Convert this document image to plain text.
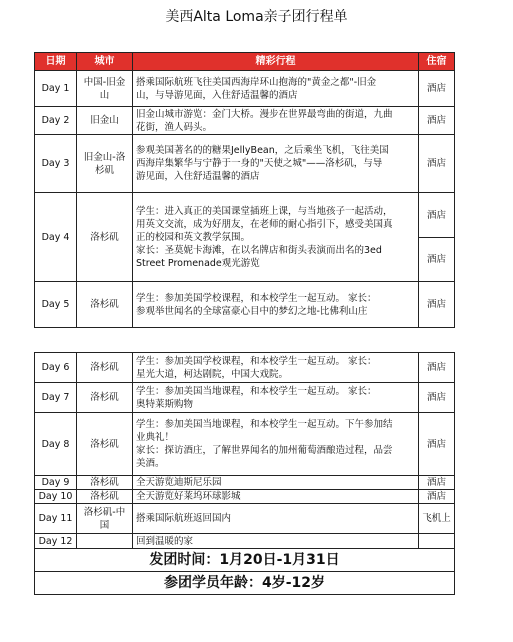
美西Alta Loma亲子团行程单
日期	城市	精彩行程	住宿
Day 1	中国-旧金山	搭乘国际航班飞往美国西海岸环山抱海的"黄金之都"-旧金
山，与导游见面，入住舒适温馨的酒店	酒店
Day 2	旧金山	旧金山城市游览：金门大桥。漫步在世界最弯曲的街道，九曲
花街，渔人码头。	酒店
Day 3	旧金山-洛杉矶	参观美国著名的的糖果JellyBean，之后乘坐飞机，飞往美国
西海岸集繁华与宁静于一身的"天使之城"——洛杉矶，与导
游见面，入住舒适温馨的酒店	酒店
Day 4	洛杉矶	学生：进入真正的美国课堂插班上课，与当地孩子一起活动，
用英文交流，成为好朋友，在老师的耐心指引下，感受美国真
正的校园和英文教学氛围。
家长：圣莫妮卡海滩，在以名牌店和街头表演而出名的3ed
Street Promenade观光游览	酒店
			酒店
Day 5	洛杉矶	学生：参加美国学校课程，和本校学生一起互动。 家长：
参观举世闻名的全球富豪心目中的梦幻之地-比佛利山庄	酒店
Day 6	洛杉矶	学生：参加美国学校课程，和本校学生一起互动。 家长：
星光大道，柯达剧院，中国大戏院。	酒店
Day 7	洛杉矶	学生：参加美国当地课程，和本校学生一起互动。 家长：
奥特莱斯购物	酒店
Day 8	洛杉矶	学生：参加美国当地课程，和本校学生一起互动。下午参加结
业典礼！
家长：探访酒庄，了解世界闻名的加州葡萄酒酿造过程，品尝
美酒。	酒店
Day 9	洛杉矶	全天游览迪斯尼乐园	酒店
Day 10	洛杉矶	全天游览好莱坞环球影城	酒店
Day 11	洛杉矶-中国	搭乘国际航班返回国内	飞机上
Day 12		回到温暖的家	

发团时间：1月20日-1月31日			
参团学员年龄：4岁-12岁			
